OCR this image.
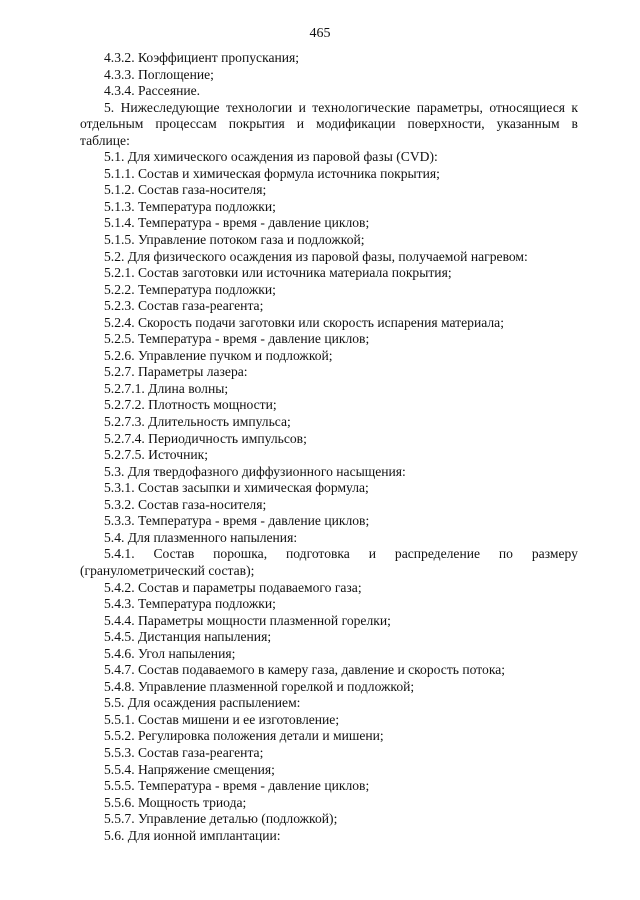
465
4.3.2. Коэффициент пропускания;
4.3.3. Поглощение;
4.3.4. Рассеяние.
5. Нижеследующие технологии и технологические параметры, относящиеся к
отдельным процессам покрытия и модификации поверхности, указанным в
таблице:
5.1. Для химического осаждения из паровой фазы (CVD):
5.1.1. Состав и химическая формула источника покрытия;
5.1.2. Состав газа-носителя;
5.1.3. Температура подложки;
5.1.4. Температура - время - давление циклов;
5.1.5. Управление потоком газа и подложкой;
5.2. Для физического осаждения из паровой фазы, получаемой нагревом:
5.2.1. Состав заготовки или источника материала покрытия;
5.2.2. Температура подложки;
5.2.3. Состав газа-реагента;
5.2.4. Скорость подачи заготовки или скорость испарения материала;
5.2.5. Температура - время - давление циклов;
5.2.6. Управление пучком и подложкой;
5.2.7. Параметры лазера:
5.2.7.1. Длина волны;
5.2.7.2. Плотность мощности;
5.2.7.3. Длительность импульса;
5.2.7.4. Периодичность импульсов;
5.2.7.5. Источник;
5.3. Для твердофазного диффузионного насыщения:
5.3.1. Состав засыпки и химическая формула;
5.3.2. Состав газа-носителя;
5.3.3. Температура - время - давление циклов;
5.4. Для плазменного напыления:
5.4.1. Состав порошка, подготовка и распределение по размеру
(гранулометрический состав);
5.4.2. Состав и параметры подаваемого газа;
5.4.3. Температура подложки;
5.4.4. Параметры мощности плазменной горелки;
5.4.5. Дистанция напыления;
5.4.6. Угол напыления;
5.4.7. Состав подаваемого в камеру газа, давление и скорость потока;
5.4.8. Управление плазменной горелкой и подложкой;
5.5. Для осаждения распылением:
5.5.1. Состав мишени и ее изготовление;
5.5.2. Регулировка положения детали и мишени;
5.5.3. Состав газа-реагента;
5.5.4. Напряжение смещения;
5.5.5. Температура - время - давление циклов;
5.5.6. Мощность триода;
5.5.7. Управление деталью (подложкой);
5.6. Для ионной имплантации:
